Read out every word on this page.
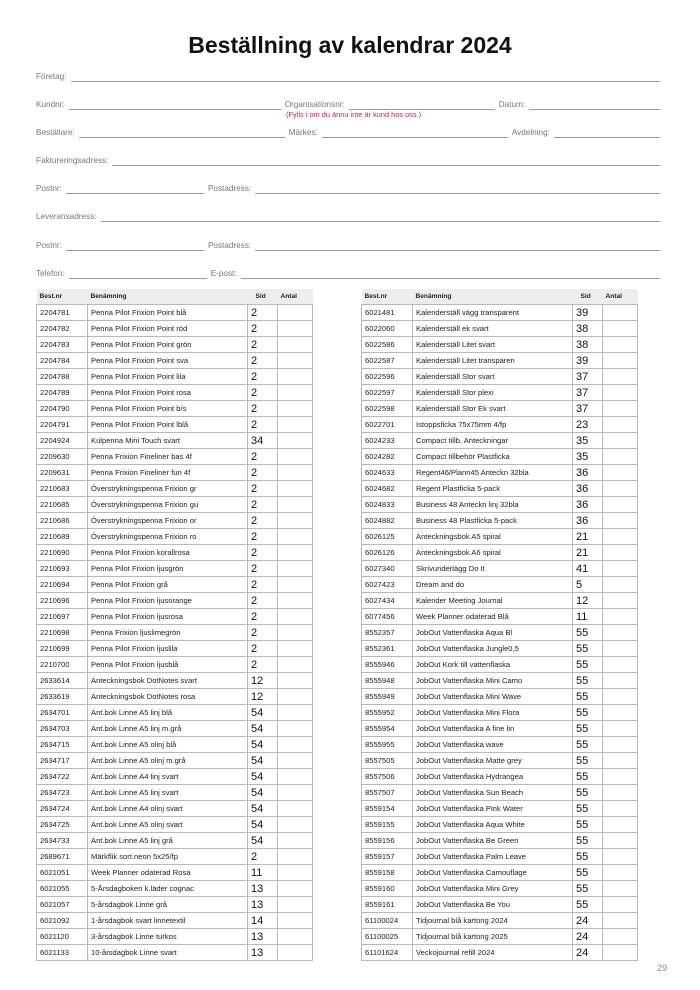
Beställning av kalendrar 2024
Företag:
Kundnr:	Organisationsnr:	Datum:
(Fylls i om du ännu inte är kund hos oss.)
Beställare:	Märkes:	Avdelning:
Faktureringsadress:
Postnr:	Postadress:
Leveransadress:
Postnr:	Postadress:
Telefon:	E-post:
Best.nr	Benämning	Sid	Antal
2204781	Penna Pilot Frixion Point blå	2	
2204782	Penna Pilot Frixion Point röd	2	
2204783	Penna Pilot Frixion Point grön	2	
2204784	Penna Pilot Frixion Point sva	2	
2204788	Penna Pilot Frixion Point lila	2	
2204789	Penna Pilot Frixion Point rosa	2	
2204790	Penna Pilot Frixion Point b/s	2	
2204791	Penna Pilot Frixion Point lblå	2	
2204924	Kulpenna Mini Touch svart	34	
2209630	Penna Frixion Fineliner bas 4f	2	
2209631	Penna Frixion Fineliner fun 4f	2	
2210683	Överstrykningspenna Frixion gr	2	
2210685	Överstrykningspenna Frixion gu	2	
2210686	Överstrykningspenna Frixion or	2	
2210689	Överstrykningspenna Frixion ro	2	
2210690	Penna Pilot Frixion korallrosa	2	
2210693	Penna Pilot Frixion ljusgrön	2	
2210694	Penna Pilot Frixion grå	2	
2210696	Penna Pilot Frixion ljusorange	2	
2210697	Penna Pilot Frixion ljusrosa	2	
2210698	Penna Frixion ljuslimegrön	2	
2210699	Penna Pilot Frixion ljuslila	2	
2210700	Penna Pilot Frixion ljusblå	2	
2633614	Anteckningsbok DotNotes svart	12	
2633619	Anteckningsbok DotNotes rosa	12	
2634701	Ant.bok Linne A5 linj blå	54	
2634703	Ant.bok Linne A5 linj m.grå	54	
2634715	Ant.bok Linne A5 olinj blå	54	
2634717	Ant.bok Linne A5 olinj m.grå	54	
2634722	Ant.bok Linne A4 linj svart	54	
2634723	Ant.bok Linne A5 linj svart	54	
2634724	Ant.bok Linne A4 olinj svart	54	
2634725	Ant.bok Linne A5 olinj svart	54	
2634733	Ant.bok Linne A5 linj grå	54	
2689671	Märkflik sort.neon 5x25/fp	2	
6021051	Week Planner odaterad Rosa	11	
6021055	5-Årsdagboken k.läder cognac	13	
6021057	5-årsdagbok Linne grå	13	
6021092	1-årsdagbok svart linnetextil	14	
6021120	3-årsdagbok Linne turkos	13	
6021133	10-årsdagbok Linne svart	13	
Best.nr	Benämning	Sid	Antal
6021481	Kalenderställ vägg transparent	39	
6022060	Kalenderställ ek svart	38	
6022586	Kalenderställ Litet svart	38	
6022587	Kalenderställ Litet transparen	39	
6022596	Kalenderställ Stor svart	37	
6022597	Kalenderställ Stor plexi	37	
6022598	Kalenderställ Stor Ek svart	37	
6022701	Istoppsficka 75x75mm 4/fp	23	
6024233	Compact tillb, Anteckningar	35	
6024282	Compact tillbehör Plastficka	35	
6024633	Regent46/Plann45 Anteckn 32bla	36	
6024682	Regent Plastficka 5-pack	36	
6024833	Business 48 Anteckn linj 32bla	36	
6024882	Business 48 Plastficka 5-pack	36	
6026125	Anteckningsbok A5 spiral	21	
6026126	Anteckningsbok A6 spiral	21	
6027340	Skrivunderlägg Do It	41	
6027423	Dream and do	5	
6027434	Kalender Meeting Journal	12	
6077456	Week Planner odaterad Blå	11	
8552357	JobOut Vattenflaska Aqua Bl	55	
8552361	JobOut Vattenflaska Jungle0,5	55	
8555946	JobOut Kork till vattenflaska	55	
8555948	JobOut Vattenflaska Mini Camo	55	
8555949	JobOut Vattenflaska Mini Wave	55	
8555952	JobOut Vattenflaska Mini Flora	55	
8555954	JobOut Vattenflaska A fine lin	55	
8555955	JobOut Vattenflaska wave	55	
8557505	JobOut Vattenflaska Matte grey	55	
8557506	JobOut Vattenflaska Hydrangea	55	
8557507	JobOut Vattenflaska Sun Beach	55	
8559154	JobOut Vattenflaska Pink Water	55	
8559155	JobOut Vattenflaska Aqua White	55	
8559156	JobOut Vattenflaska Be Green	55	
8559157	JobOut Vattenflaska Palm Leave	55	
8559158	JobOut Vattenflaska Camouflage	55	
8559160	JobOut Vattenflaska Mini Grey	55	
8559161	JobOut Vattenflaska Be You	55	
61100024	Tidjournal blå kartong 2024	24	
61100025	Tidjournal blå kartong 2025	24	
61101624	Veckojournal refill 2024	24	
29
